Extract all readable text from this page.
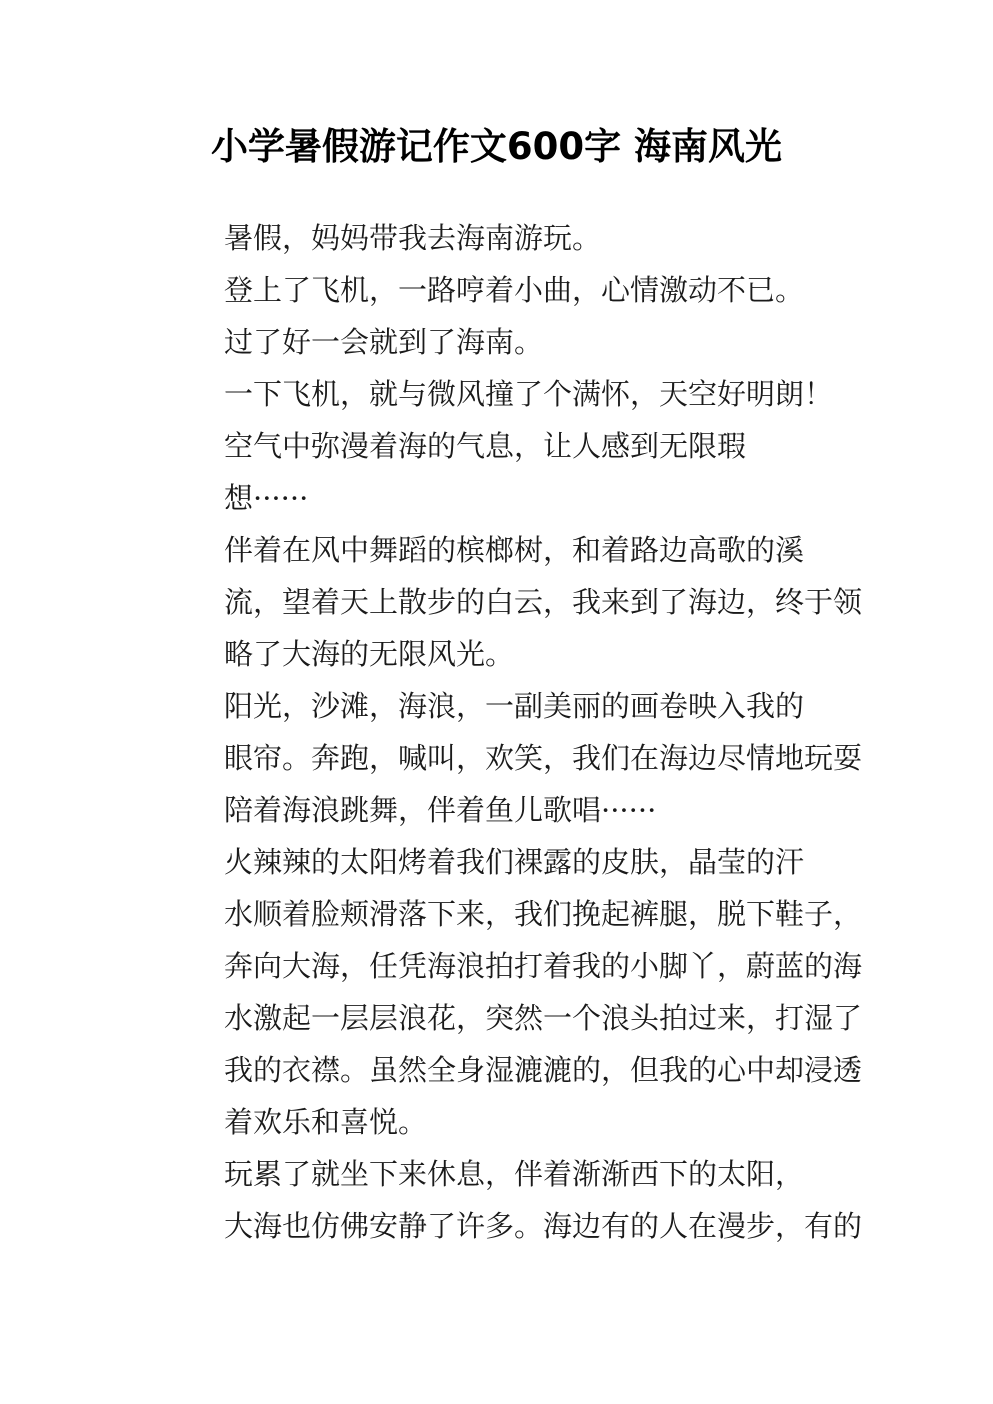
小学暑假游记作文600字 海南风光

暑假，妈妈带我去海南游玩。

登上了飞机，一路哼着小曲，心情激动不已。
过了好一会就到了海南。

一下飞机，就与微风撞了个满怀，天空好明朗！
空气中弥漫着海的气息，让人感到无限瑕
想······

伴着在风中舞蹈的槟榔树，和着路边高歌的溪
流，望着天上散步的白云，我来到了海边，终于领
略了大海的无限风光。

阳光，沙滩，海浪，一副美丽的画卷映入我的
眼帘。奔跑，喊叫，欢笑，我们在海边尽情地玩耍
陪着海浪跳舞，伴着鱼儿歌唱······

火辣辣的太阳烤着我们裸露的皮肤，晶莹的汗
水顺着脸颊滑落下来，我们挽起裤腿，脱下鞋子，
奔向大海，任凭海浪拍打着我的小脚丫，蔚蓝的海
水激起一层层浪花，突然一个浪头拍过来，打湿了
我的衣襟。虽然全身湿漉漉的，但我的心中却浸透
着欢乐和喜悦。

玩累了就坐下来休息，伴着渐渐西下的太阳，
大海也仿佛安静了许多。海边有的人在漫步，有的
